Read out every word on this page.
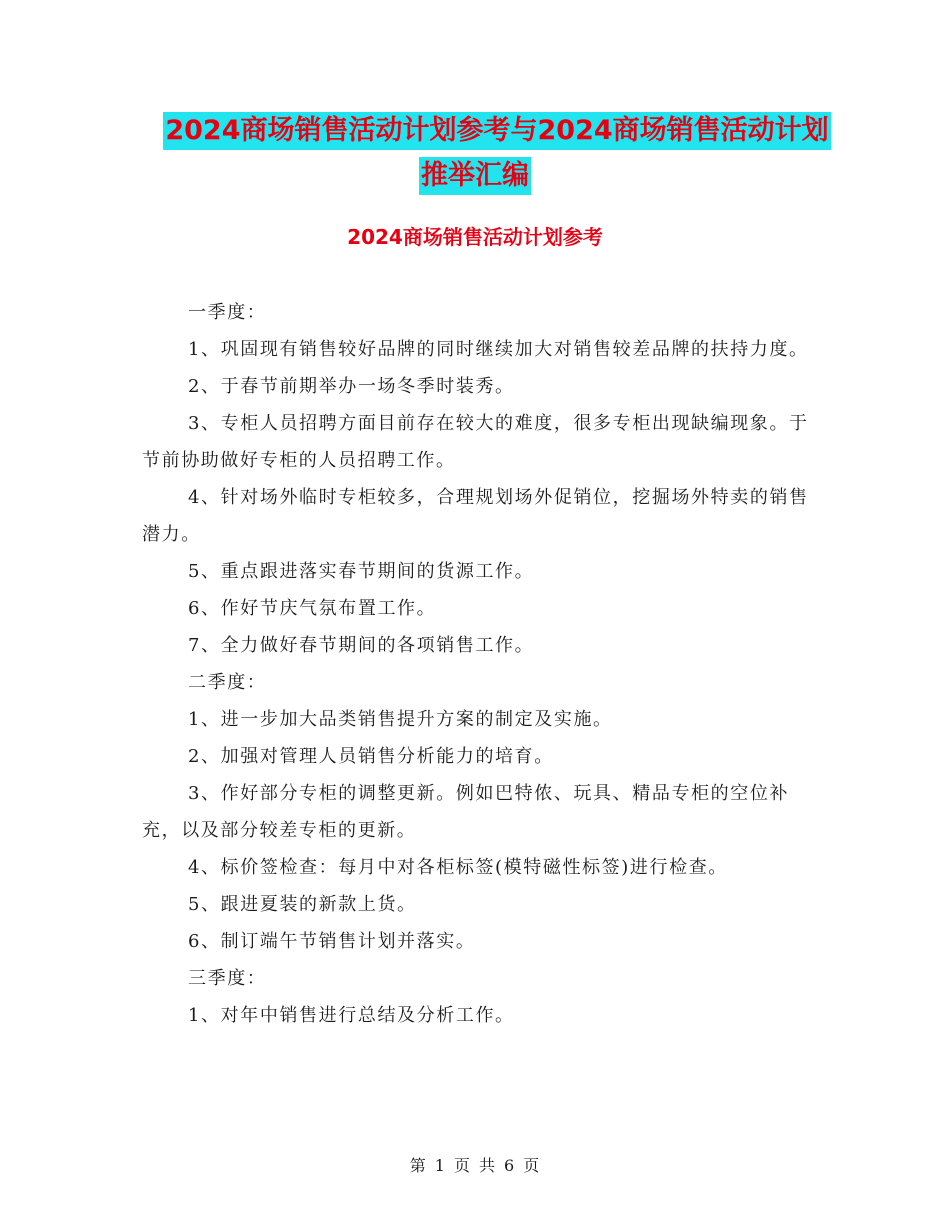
2024商场销售活动计划参考与2024商场销售活动计划
推举汇编
2024商场销售活动计划参考

一季度：

1、巩固现有销售较好品牌的同时继续加大对销售较差品牌的扶持力度。

2、于春节前期举办一场冬季时装秀。

3、专柜人员招聘方面目前存在较大的难度，很多专柜出现缺编现象。于节前协助做好专柜的人员招聘工作。

4、针对场外临时专柜较多，合理规划场外促销位，挖掘场外特卖的销售潜力。

5、重点跟进落实春节期间的货源工作。

6、作好节庆气氛布置工作。

7、全力做好春节期间的各项销售工作。

二季度：

1、进一步加大品类销售提升方案的制定及实施。

2、加强对管理人员销售分析能力的培育。

3、作好部分专柜的调整更新。例如巴特侬、玩具、精品专柜的空位补充，以及部分较差专柜的更新。

4、标价签检查：每月中对各柜标签(模特磁性标签)进行检查。

5、跟进夏装的新款上货。

6、制订端午节销售计划并落实。

三季度：

1、对年中销售进行总结及分析工作。

第 1 页 共 6 页
